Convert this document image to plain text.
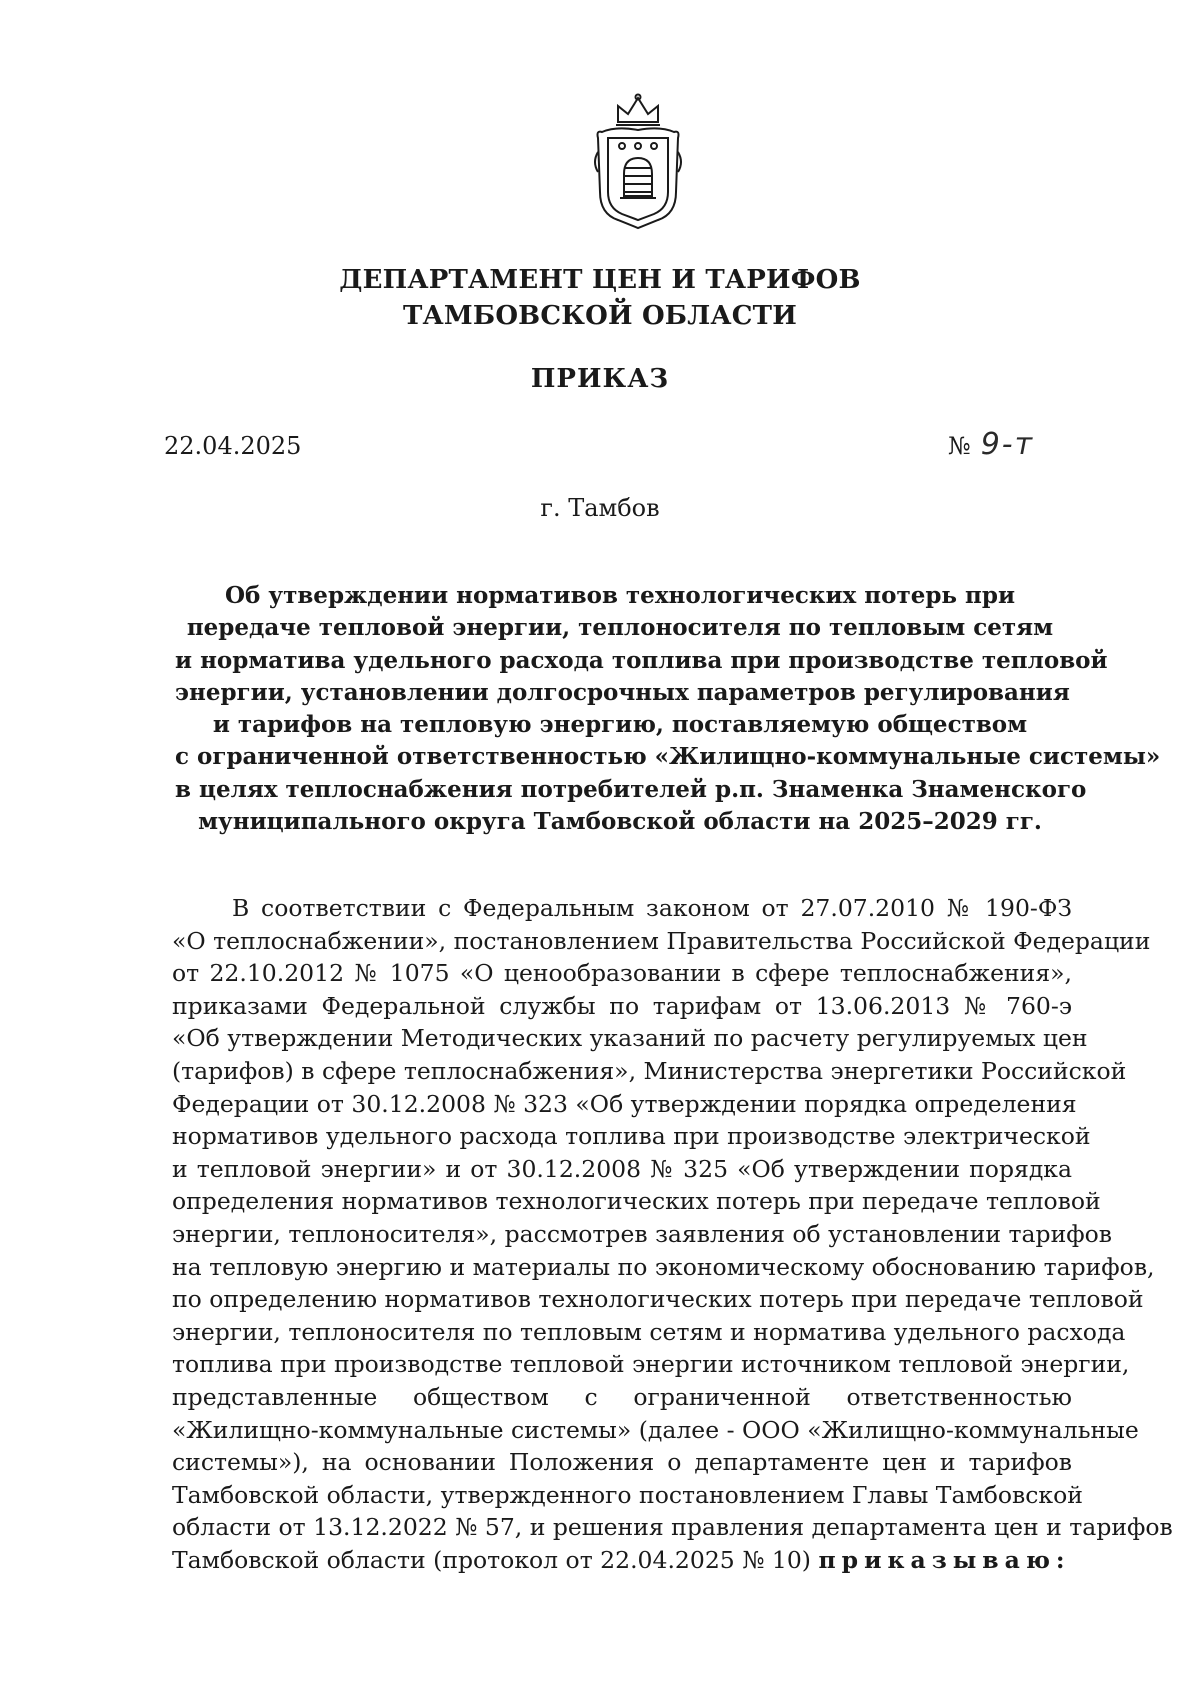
ДЕПАРТАМЕНТ ЦЕН И ТАРИФОВ
ТАМБОВСКОЙ ОБЛАСТИ
ПРИКАЗ
22.04.2025	№ 9-т
г. Тамбов
Об утверждении нормативов технологических потерь при
передаче тепловой энергии, теплоносителя по тепловым сетям
и норматива удельного расхода топлива при производстве тепловой
энергии, установлении долгосрочных параметров регулирования
и тарифов на тепловую энергию, поставляемую обществом
с ограниченной ответственностью «Жилищно-коммунальные системы»
в целях теплоснабжения потребителей р.п. Знаменка Знаменского
муниципального округа Тамбовской области на 2025–2029 гг.
В соответствии с Федеральным законом от 27.07.2010 № 190-ФЗ
«О теплоснабжении», постановлением Правительства Российской Федерации
от 22.10.2012 № 1075 «О ценообразовании в сфере теплоснабжения»,
приказами Федеральной службы по тарифам от 13.06.2013 № 760-э
«Об утверждении Методических указаний по расчету регулируемых цен
(тарифов) в сфере теплоснабжения», Министерства энергетики Российской
Федерации от 30.12.2008 № 323 «Об утверждении порядка определения
нормативов удельного расхода топлива при производстве электрической
и тепловой энергии» и от 30.12.2008 № 325 «Об утверждении порядка
определения нормативов технологических потерь при передаче тепловой
энергии, теплоносителя», рассмотрев заявления об установлении тарифов
на тепловую энергию и материалы по экономическому обоснованию тарифов,
по определению нормативов технологических потерь при передаче тепловой
энергии, теплоносителя по тепловым сетям и норматива удельного расхода
топлива при производстве тепловой энергии источником тепловой энергии,
представленные обществом с ограниченной ответственностью
«Жилищно-коммунальные системы» (далее - ООО «Жилищно-коммунальные
системы»), на основании Положения о департаменте цен и тарифов
Тамбовской области, утвержденного постановлением Главы Тамбовской
области от 13.12.2022 № 57, и решения правления департамента цен и тарифов
Тамбовской области (протокол от 22.04.2025 № 10) приказываю:
